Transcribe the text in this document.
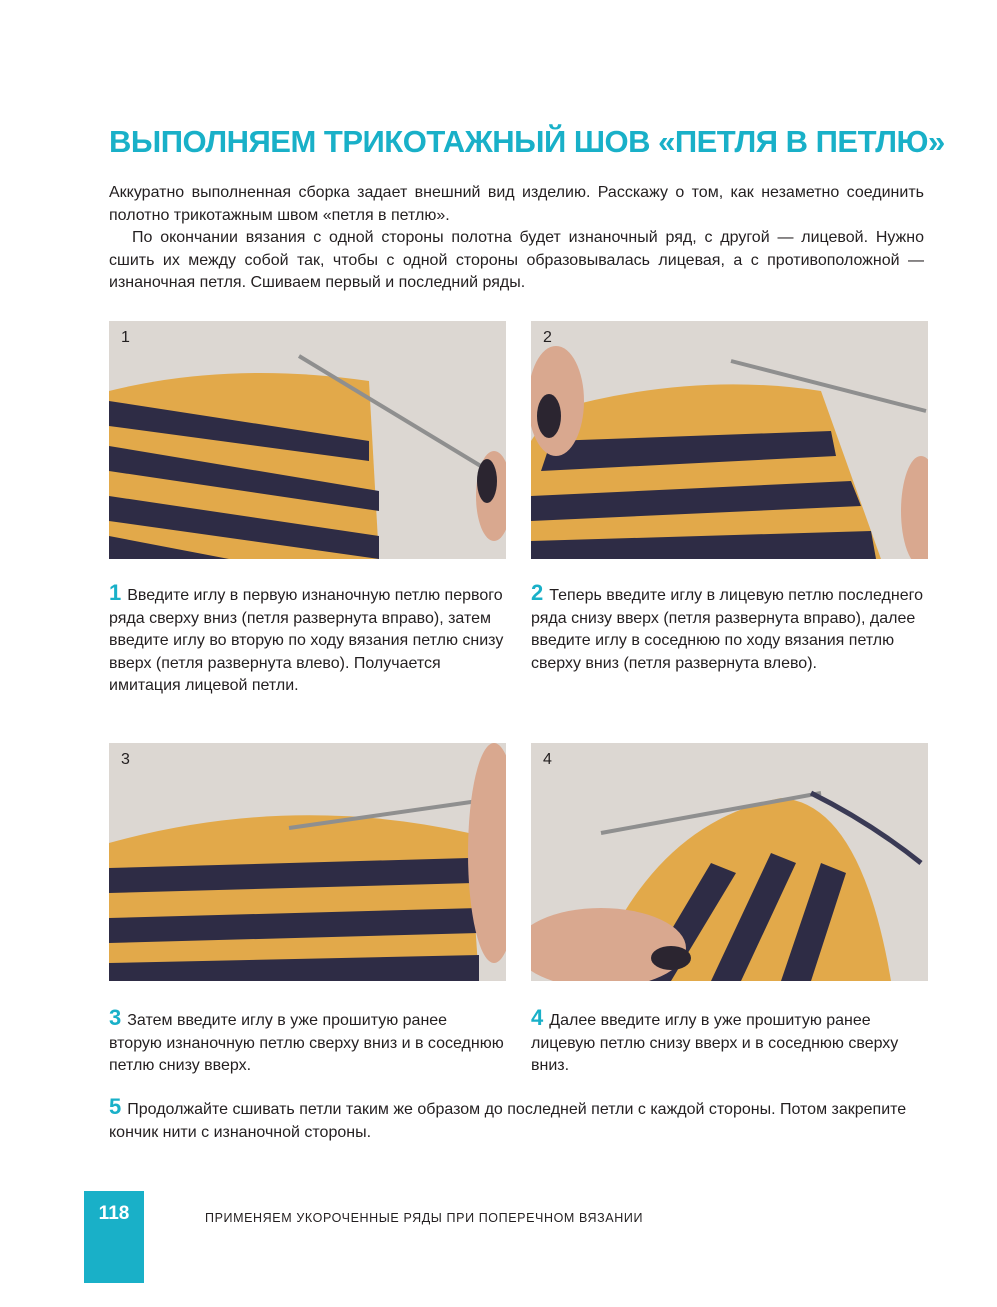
ВЫПОЛНЯЕМ ТРИКОТАЖНЫЙ ШОВ «ПЕТЛЯ В ПЕТЛЮ»

Аккуратно выполненная сборка задает внешний вид изделию. Расскажу о том, как незаметно соединить полотно трикотажным швом «петля в петлю».

По окончании вязания с одной стороны полотна будет изнаночный ряд, с другой — лицевой. Нужно сшить их между собой так, чтобы с одной стороны образовывалась лицевая, а с противоположной — изнаночная петля. Сшиваем первый и последний ряды.

1	2
1 Введите иглу в первую изнаночную петлю первого ряда сверху вниз (петля развернута вправо), затем введите иглу во вторую по ходу вязания петлю снизу вверх (петля развернута влево). Получается имитация лицевой петли.
2 Теперь введите иглу в лицевую петлю последнего ряда снизу вверх (петля развернута вправо), далее введите иглу в соседнюю по ходу вязания петлю сверху вниз (петля развернута влево).
3	4
3 Затем введите иглу в уже прошитую ранее вторую изнаночную петлю сверху вниз и в соседнюю петлю снизу вверх.
4 Далее введите иглу в уже прошитую ранее лицевую петлю снизу вверх и в соседнюю сверху вниз.
5 Продолжайте сшивать петли таким же образом до последней петли с каждой стороны. Потом закрепите кончик нити с изнаночной стороны.
118	ПРИМЕНЯЕМ УКОРОЧЕННЫЕ РЯДЫ ПРИ ПОПЕРЕЧНОМ ВЯЗАНИИ
